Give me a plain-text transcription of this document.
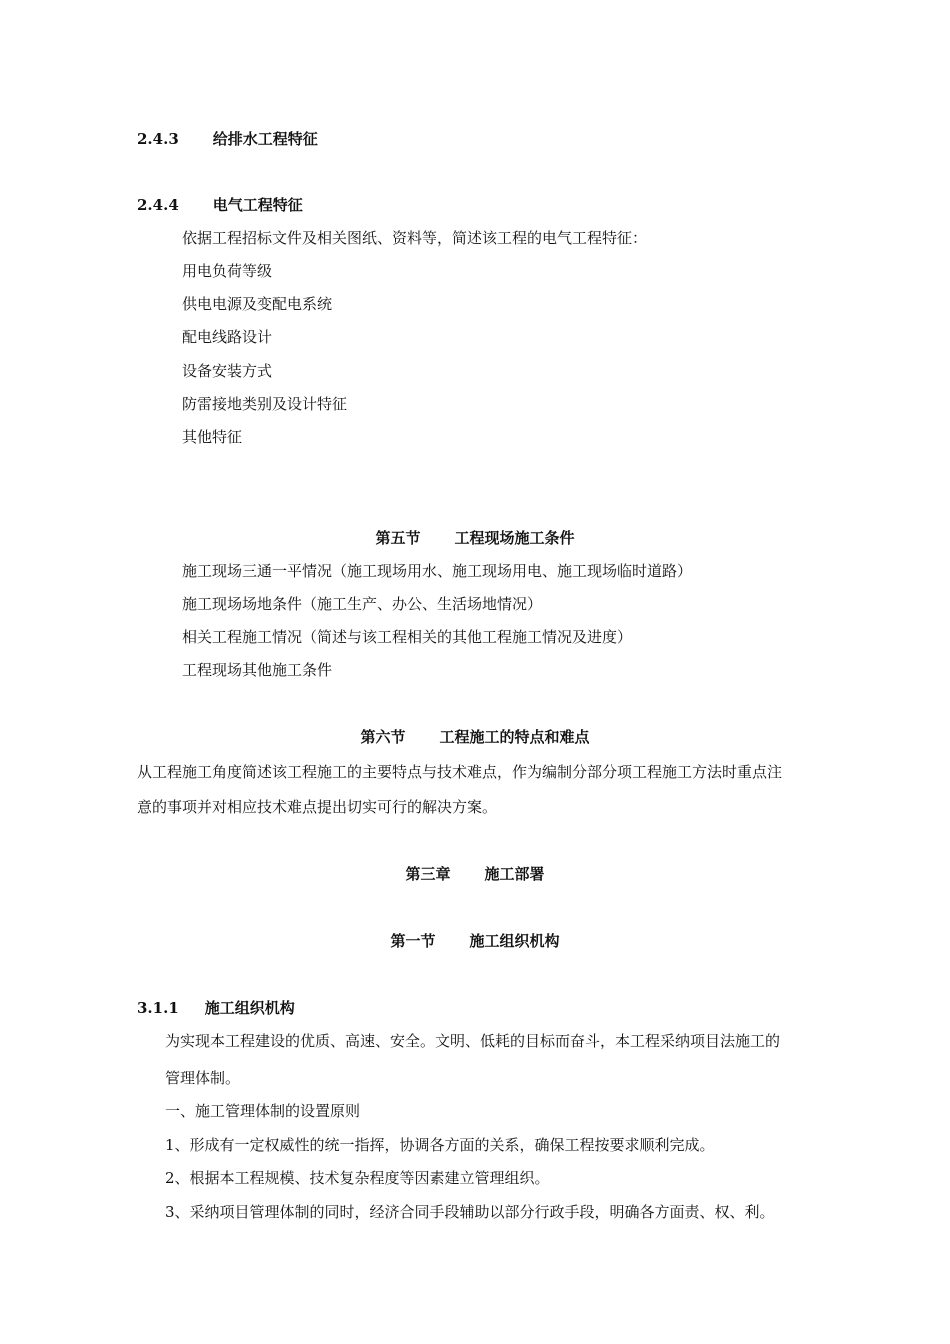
2.4.3 给排水工程特征
2.4.4 电气工程特征
依据工程招标文件及相关图纸、资料等，简述该工程的电气工程特征：
用电负荷等级
供电电源及变配电系统
配电线路设计
设备安装方式
防雷接地类别及设计特征
其他特征
第五节 工程现场施工条件
施工现场三通一平情况（施工现场用水、施工现场用电、施工现场临时道路）
施工现场场地条件（施工生产、办公、生活场地情况）
相关工程施工情况（简述与该工程相关的其他工程施工情况及进度）
工程现场其他施工条件
第六节 工程施工的特点和难点
从工程施工角度简述该工程施工的主要特点与技术难点，作为编制分部分项工程施工方法时重点注
意的事项并对相应技术难点提出切实可行的解决方案。
第三章 施工部署
第一节 施工组织机构
3.1.1 施工组织机构
为实现本工程建设的优质、高速、安全。文明、低耗的目标而奋斗，本工程采纳项目法施工的
管理体制。
一、施工管理体制的设置原则
1、形成有一定权威性的统一指挥，协调各方面的关系，确保工程按要求顺利完成。
2、根据本工程规模、技术复杂程度等因素建立管理组织。
3、采纳项目管理体制的同时，经济合同手段辅助以部分行政手段，明确各方面责、权、利。
